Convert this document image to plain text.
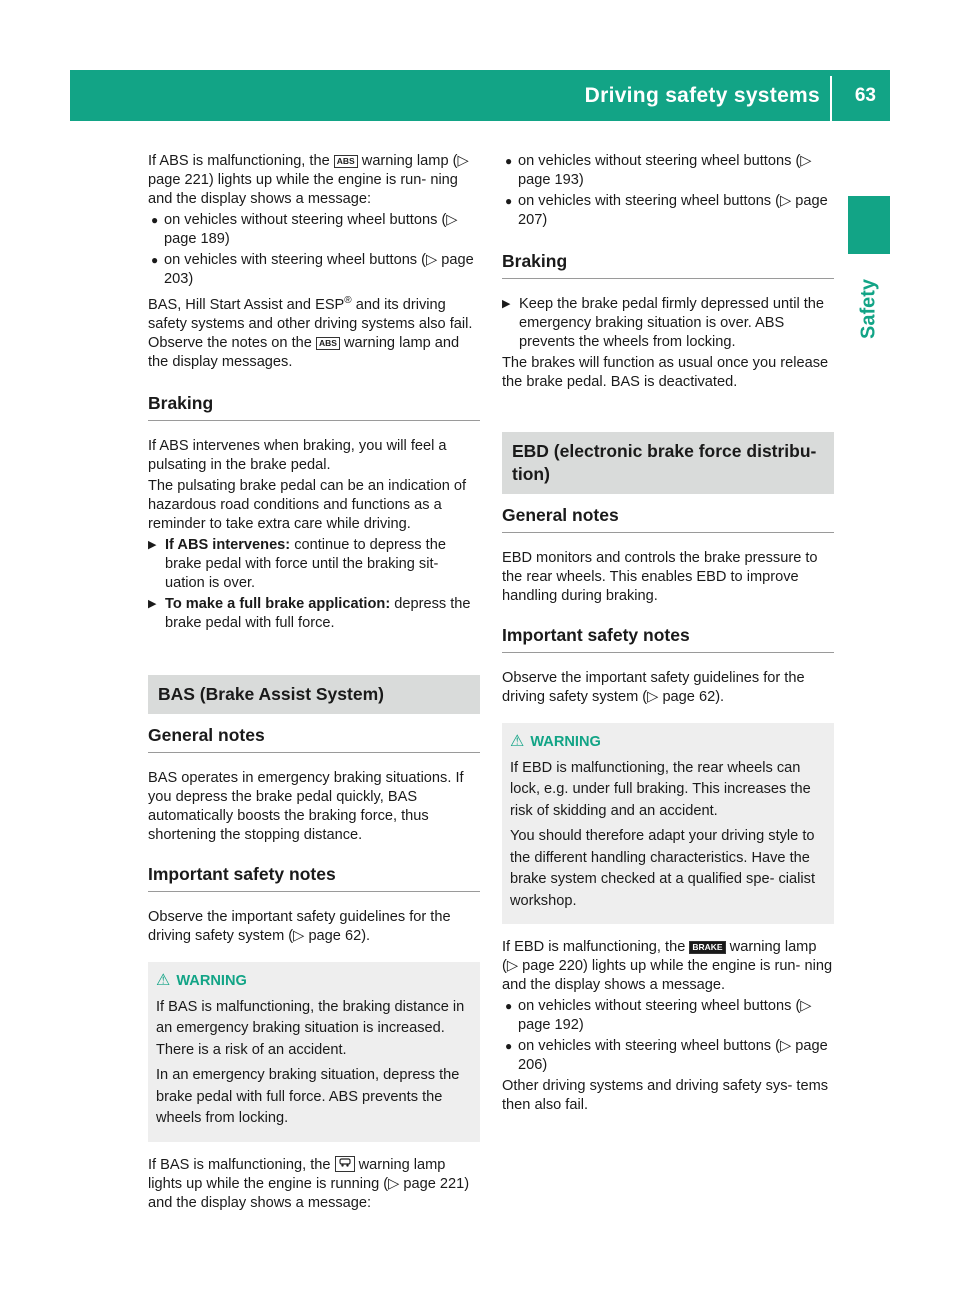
Driving safety systems 63
Safety

If ABS is malfunctioning, the ABS warning lamp (▷ page 221) lights up while the engine is run- ning and the display shows a message:

● on vehicles without steering wheel buttons (▷ page 189)
● on vehicles with steering wheel buttons (▷ page 203)

BAS, Hill Start Assist and ESP® and its driving safety systems and other driving systems also fail. Observe the notes on the ABS warning lamp and the display messages.

Braking

If ABS intervenes when braking, you will feel a pulsating in the brake pedal.

The pulsating brake pedal can be an indication of hazardous road conditions and functions as a reminder to take extra care while driving.

▶ If ABS intervenes: continue to depress the brake pedal with force until the braking sit- uation is over.
▶ To make a full brake application: depress the brake pedal with full force.
BAS (Brake Assist System)
General notes

BAS operates in emergency braking situations. If you depress the brake pedal quickly, BAS automatically boosts the braking force, thus shortening the stopping distance.

Important safety notes

Observe the important safety guidelines for the driving safety system (▷ page 62).

⚠ WARNING

If BAS is malfunctioning, the braking distance in an emergency braking situation is increased. There is a risk of an accident.

In an emergency braking situation, depress the brake pedal with full force. ABS prevents the wheels from locking.

If BAS is malfunctioning, the  warning lamp lights up while the engine is running (▷ page 221) and the display shows a message:

● on vehicles without steering wheel buttons (▷ page 193)
● on vehicles with steering wheel buttons (▷ page 207)
Braking
▶ Keep the brake pedal firmly depressed until the emergency braking situation is over. ABS prevents the wheels from locking.

The brakes will function as usual once you release the brake pedal. BAS is deactivated.

EBD (electronic brake force distribu- tion)
General notes

EBD monitors and controls the brake pressure to the rear wheels. This enables EBD to improve handling during braking.

Important safety notes

Observe the important safety guidelines for the driving safety system (▷ page 62).

⚠ WARNING

If EBD is malfunctioning, the rear wheels can lock, e.g. under full braking. This increases the risk of skidding and an accident.

You should therefore adapt your driving style to the different handling characteristics. Have the brake system checked at a qualified spe- cialist workshop.

If EBD is malfunctioning, the BRAKE warning lamp (▷ page 220) lights up while the engine is run- ning and the display shows a message.

● on vehicles without steering wheel buttons (▷ page 192)
● on vehicles with steering wheel buttons (▷ page 206)

Other driving systems and driving safety sys- tems then also fail.
